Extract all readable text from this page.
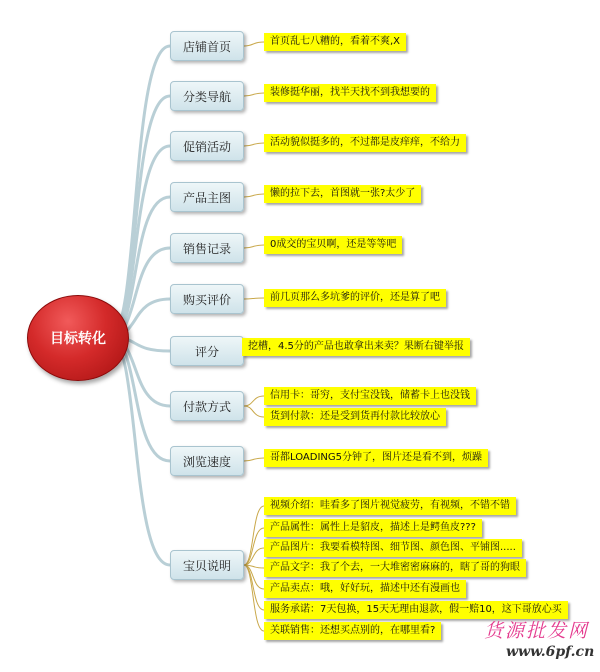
目标转化
店铺首页
分类导航
促销活动
产品主图
销售记录
购买评价
评分
付款方式
浏览速度
宝贝说明
首页乱七八糟的，看着不爽,X
装修挺华丽，找半天找不到我想要的
活动貌似挺多的，不过都是皮痒痒，不给力
懒的拉下去，首图就一张?太少了
0成交的宝贝啊，还是等等吧
前几页那么多坑爹的评价，还是算了吧
挖槽，4.5分的产品也敢拿出来卖？果断右键举报
信用卡：哥穷，支付宝没钱，储蓄卡上也没钱
货到付款：还是受到货再付款比较放心
哥都LOADING5分钟了，图片还是看不到，烦躁
视频介绍：哇看多了图片视觉疲劳，有视频，不错不错
产品属性：属性上是貂皮，描述上是鳄鱼皮???
产品图片：我要看模特图、细节图、颜色图、平铺图.....
产品文字：我了个去，一大堆密密麻麻的，瞎了哥的狗眼
产品卖点：哦，好好玩，描述中还有漫画也
服务承诺：7天包换，15天无理由退款，假一赔10，这下哥放心买
关联销售：还想买点别的，在哪里看?	货源批发网
www.6pf.cn
